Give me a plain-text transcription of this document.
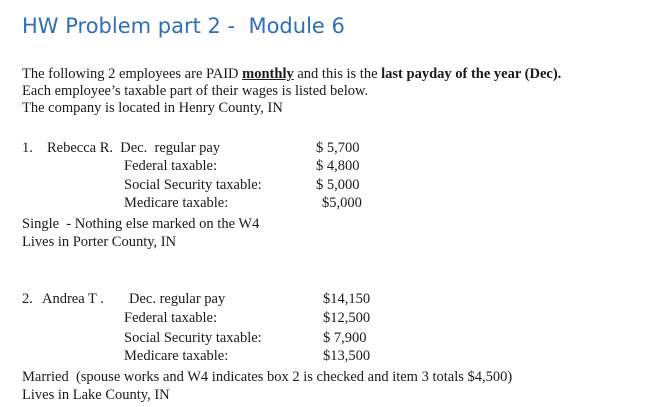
HW Problem part 2 -  Module 6
The following 2 employees are PAID monthly and this is the last payday of the year (Dec).
Each employee’s taxable part of their wages is listed below.
The company is located in Henry County, IN
1. Rebecca R.  Dec.  regular pay	$ 5,700
Federal taxable:	$ 4,800
Social Security taxable:	$ 5,000
Medicare taxable:	$5,000
Single  - Nothing else marked on the W4
Lives in Porter County, IN
2. Andrea T . Dec. regular pay	$14,150
Federal taxable:	$12,500
Social Security taxable:	$ 7,900
Medicare taxable:	$13,500
Married  (spouse works and W4 indicates box 2 is checked and item 3 totals $4,500)
Lives in Lake County, IN
